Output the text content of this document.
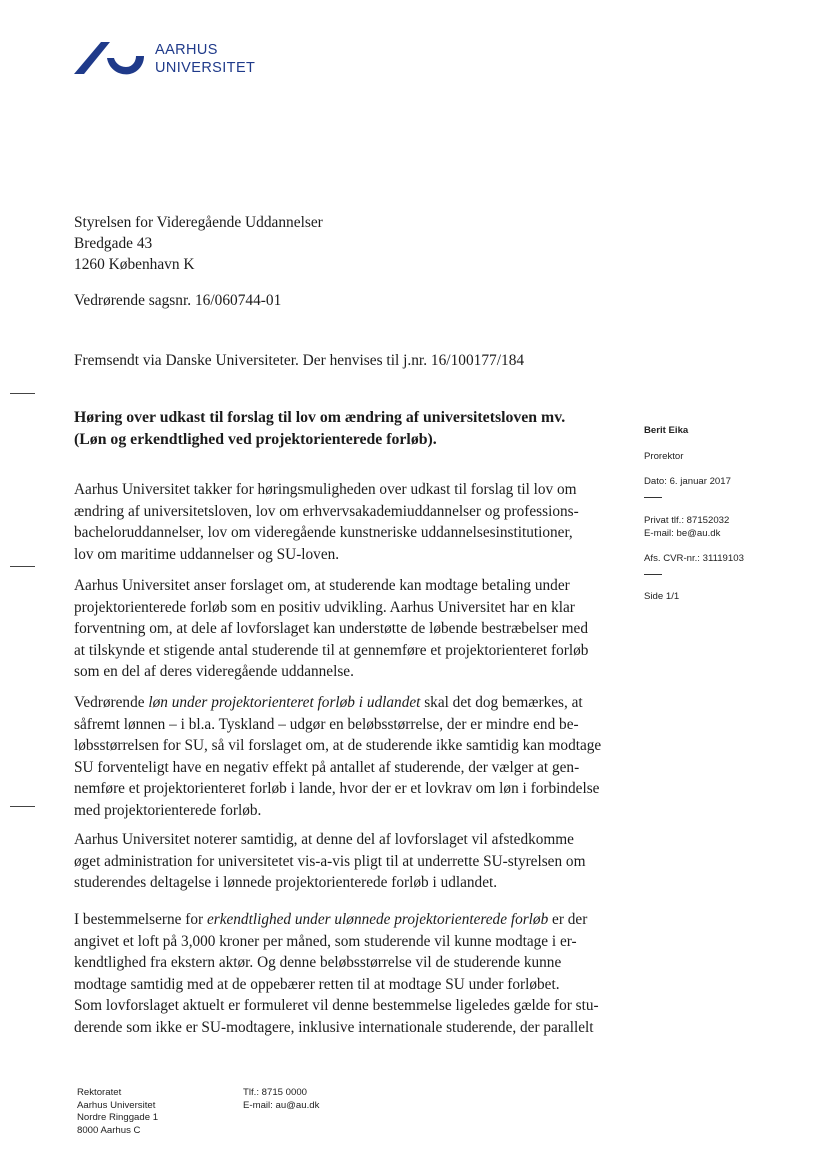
AARHUS
UNIVERSITET
Styrelsen for Videregående Uddannelser
Bredgade 43
1260 København K
Vedrørende sagsnr. 16/060744-01
Fremsendt via Danske Universiteter. Der henvises til j.nr. 16/100177/184
Høring over udkast til forslag til lov om ændring af universitetsloven mv.
(Løn og erkendtlighed ved projektorienterede forløb).
Aarhus Universitet takker for høringsmuligheden over udkast til forslag til lov om
ændring af universitetsloven, lov om erhvervsakademiuddannelser og professions-
bacheloruddannelser, lov om videregående kunstneriske uddannelsesinstitutioner,
lov om maritime uddannelser og SU-loven.
Aarhus Universitet anser forslaget om, at studerende kan modtage betaling under
projektorienterede forløb som en positiv udvikling. Aarhus Universitet har en klar
forventning om, at dele af lovforslaget kan understøtte de løbende bestræbelser med
at tilskynde et stigende antal studerende til at gennemføre et projektorienteret forløb
som en del af deres videregående uddannelse.
Vedrørende løn under projektorienteret forløb i udlandet skal det dog bemærkes, at
såfremt lønnen – i bl.a. Tyskland – udgør en beløbsstørrelse, der er mindre end be-
løbsstørrelsen for SU, så vil forslaget om, at de studerende ikke samtidig kan modtage
SU forventeligt have en negativ effekt på antallet af studerende, der vælger at gen-
nemføre et projektorienteret forløb i lande, hvor der er et lovkrav om løn i forbindelse
med projektorienterede forløb.
Aarhus Universitet noterer samtidig, at denne del af lovforslaget vil afstedkomme
øget administration for universitetet vis-a-vis pligt til at underrette SU-styrelsen om
studerendes deltagelse i lønnede projektorienterede forløb i udlandet.
I bestemmelserne for erkendtlighed under ulønnede projektorienterede forløb er der
angivet et loft på 3,000 kroner per måned, som studerende vil kunne modtage i er-
kendtlighed fra ekstern aktør. Og denne beløbsstørrelse vil de studerende kunne
modtage samtidig med at de oppebærer retten til at modtage SU under forløbet.
Som lovforslaget aktuelt er formuleret vil denne bestemmelse ligeledes gælde for stu-
derende som ikke er SU-modtagere, inklusive internationale studerende, der parallelt
Berit Eika
Prorektor
Dato: 6. januar 2017
Privat tlf.: 87152032
E-mail: be@au.dk
Afs. CVR-nr.: 31119103
Side 1/1
Rektoratet
Aarhus Universitet
Nordre Ringgade 1
8000 Aarhus C
Tlf.: 8715 0000
E-mail: au@au.dk
